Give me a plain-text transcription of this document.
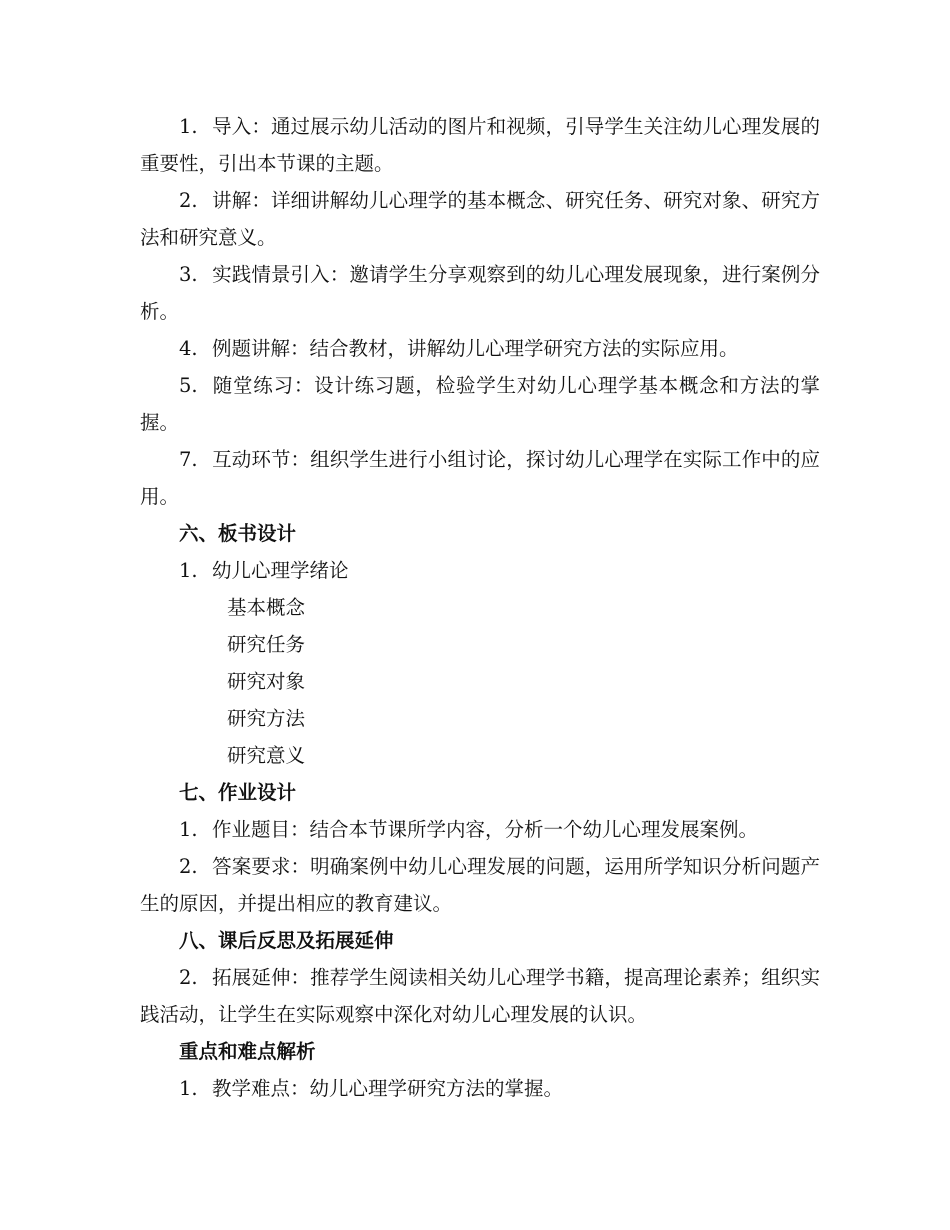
1. 导入：通过展示幼儿活动的图片和视频，引导学生关注幼儿心理发展的重要性，引出本节课的主题。

2. 讲解：详细讲解幼儿心理学的基本概念、研究任务、研究对象、研究方法和研究意义。

3. 实践情景引入：邀请学生分享观察到的幼儿心理发展现象，进行案例分析。

4. 例题讲解：结合教材，讲解幼儿心理学研究方法的实际应用。

5. 随堂练习：设计练习题，检验学生对幼儿心理学基本概念和方法的掌握。

7. 互动环节：组织学生进行小组讨论，探讨幼儿心理学在实际工作中的应用。

六、板书设计

1. 幼儿心理学绪论

基本概念

研究任务

研究对象

研究方法

研究意义

七、作业设计

1. 作业题目：结合本节课所学内容，分析一个幼儿心理发展案例。

2. 答案要求：明确案例中幼儿心理发展的问题，运用所学知识分析问题产生的原因，并提出相应的教育建议。

八、课后反思及拓展延伸

2. 拓展延伸：推荐学生阅读相关幼儿心理学书籍，提高理论素养；组织实践活动，让学生在实际观察中深化对幼儿心理发展的认识。

重点和难点解析

1. 教学难点：幼儿心理学研究方法的掌握。
